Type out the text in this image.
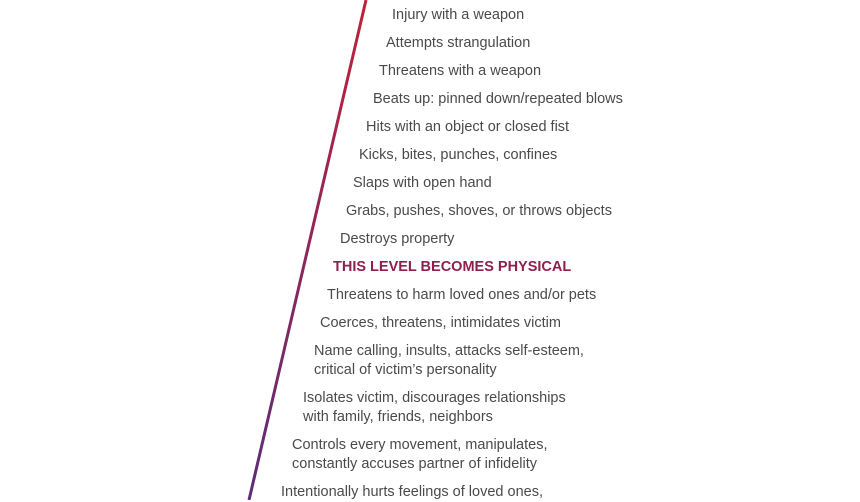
Injury with a weapon
Attempts strangulation
Threatens with a weapon
Beats up: pinned down/repeated blows
Hits with an object or closed fist
Kicks, bites, punches, confines
Slaps with open hand
Grabs, pushes, shoves, or throws objects
Destroys property
THIS LEVEL BECOMES PHYSICAL
Threatens to harm loved ones and/or pets
Coerces, threatens, intimidates victim
Name calling, insults, attacks self-esteem,
critical of victim’s personality
Isolates victim, discourages relationships
with family, friends, neighbors
Controls every movement, manipulates,
constantly accuses partner of infidelity
Intentionally hurts feelings of loved ones,
